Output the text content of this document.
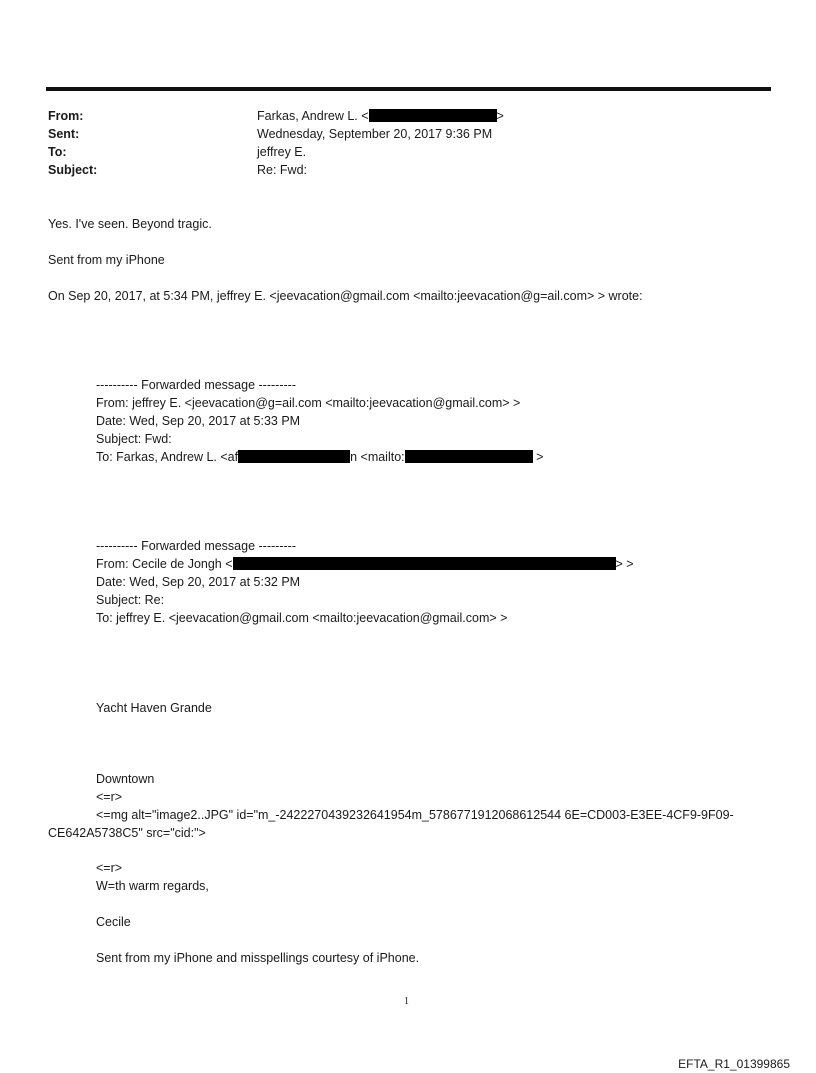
From:	Farkas, Andrew L. <	>
Sent:	Wednesday, September 20, 2017 9:36 PM
To:	jeffrey E.
Subject:	Re: Fwd:
Yes. I've seen. Beyond tragic.
Sent from my iPhone
On Sep 20, 2017, at 5:34 PM, jeffrey E. <jeevacation@gmail.com <mailto:jeevacation@g=ail.com> > wrote:
---------- Forwarded message ---------
From: jeffrey E. <jeevacation@g=ail.com <mailto:jeevacation@gmail.com> >
Date: Wed, Sep 20, 2017 at 5:33 PM
Subject: Fwd:
To: Farkas, Andrew L. <af	n <mailto:	>
---------- Forwarded message ---------
From: Cecile de Jongh <	> >
Date: Wed, Sep 20, 2017 at 5:32 PM
Subject: Re:
To: jeffrey E. <jeevacation@gmail.com <mailto:jeevacation@gmail.com> >
Yacht Haven Grande
Downtown
<=r>
<=mg alt="image2..JPG" id="m_-2422270439232641954m_5786771912068612544 6E=CD003-E3EE-4CF9-9F09-
CE642A5738C5" src="cid:">
<=r>
W=th warm regards,
Cecile
Sent from my iPhone and misspellings courtesy of iPhone.
1
EFTA_R1_01399865
